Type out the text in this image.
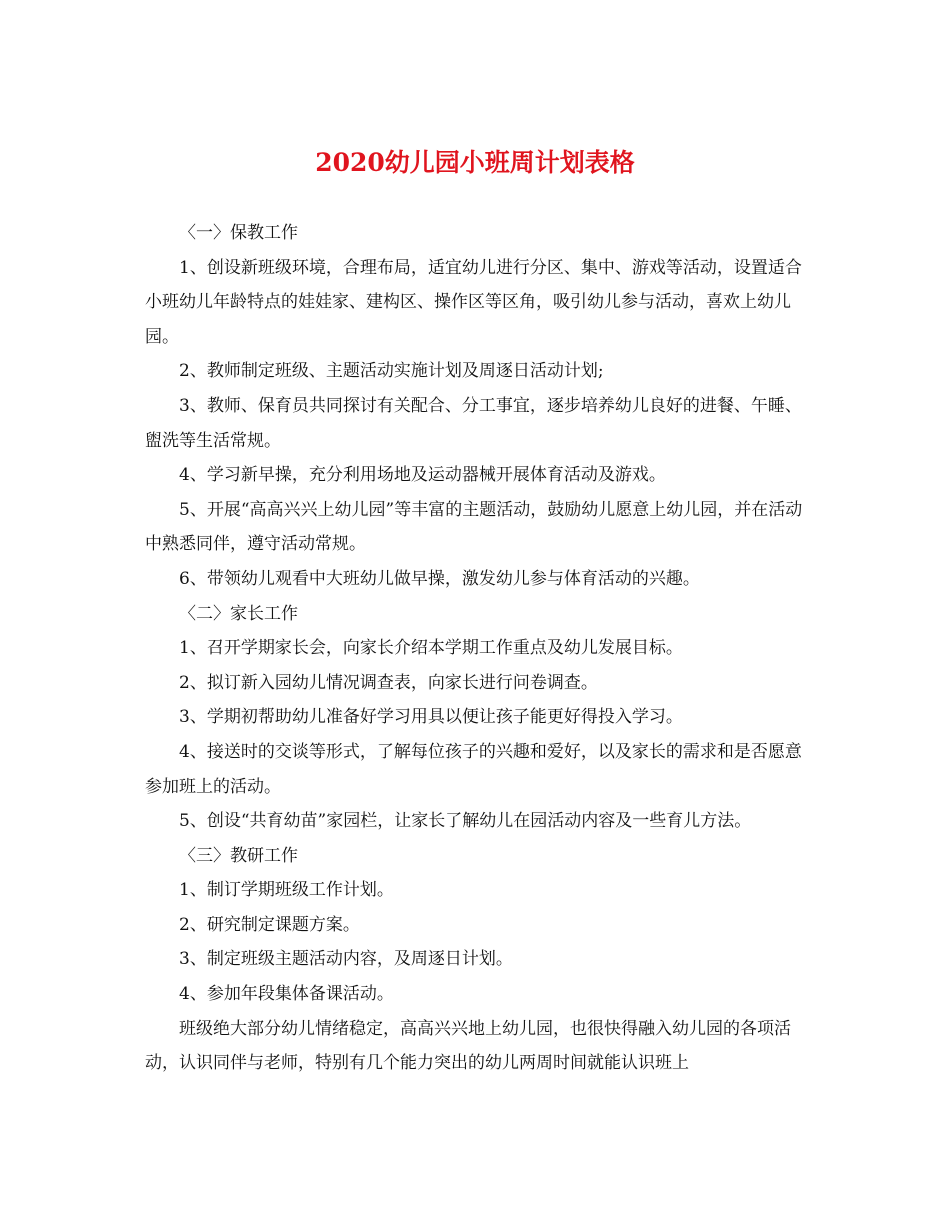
2020幼儿园小班周计划表格

〈一〉保教工作

1、创设新班级环境，合理布局，适宜幼儿进行分区、集中、游戏等活动，设置适合小班幼儿年龄特点的娃娃家、建构区、操作区等区角，吸引幼儿参与活动，喜欢上幼儿园。

2、教师制定班级、主题活动实施计划及周逐日活动计划;

3、教师、保育员共同探讨有关配合、分工事宜，逐步培养幼儿良好的进餐、午睡、盥洗等生活常规。

4、学习新早操，充分利用场地及运动器械开展体育活动及游戏。

5、开展“高高兴兴上幼儿园”等丰富的主题活动，鼓励幼儿愿意上幼儿园，并在活动中熟悉同伴，遵守活动常规。

6、带领幼儿观看中大班幼儿做早操，激发幼儿参与体育活动的兴趣。

〈二〉家长工作

1、召开学期家长会，向家长介绍本学期工作重点及幼儿发展目标。

2、拟订新入园幼儿情况调查表，向家长进行问卷调查。

3、学期初帮助幼儿准备好学习用具以便让孩子能更好得投入学习。

4、接送时的交谈等形式，了解每位孩子的兴趣和爱好，以及家长的需求和是否愿意参加班上的活动。

5、创设“共育幼苗”家园栏，让家长了解幼儿在园活动内容及一些育儿方法。

〈三〉教研工作

1、制订学期班级工作计划。

2、研究制定课题方案。

3、制定班级主题活动内容，及周逐日计划。

4、参加年段集体备课活动。

班级绝大部分幼儿情绪稳定，高高兴兴地上幼儿园，也很快得融入幼儿园的各项活动，认识同伴与老师，特别有几个能力突出的幼儿两周时间就能认识班上
